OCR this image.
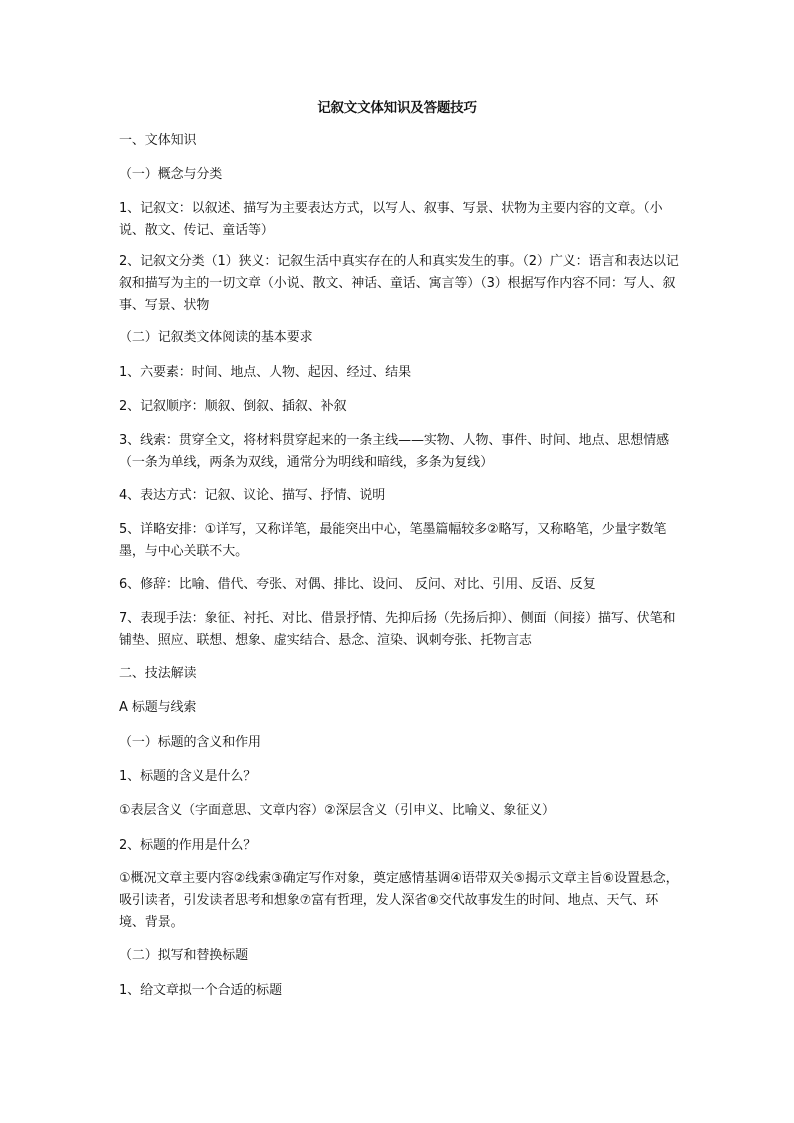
记叙文文体知识及答题技巧
一、文体知识
（一）概念与分类
1、记叙文：以叙述、描写为主要表达方式，以写人、叙事、写景、状物为主要内容的文章。（小说、散文、传记、童话等）
2、记叙文分类（1）狭义：记叙生活中真实存在的人和真实发生的事。（2）广义：语言和表达以记叙和描写为主的一切文章（小说、散文、神话、童话、寓言等）（3）根据写作内容不同：写人、叙事、写景、状物
（二）记叙类文体阅读的基本要求
1、六要素：时间、地点、人物、起因、经过、结果
2、记叙顺序：顺叙、倒叙、插叙、补叙
3、线索：贯穿全文，将材料贯穿起来的一条主线——实物、人物、事件、时间、地点、思想情感（一条为单线，两条为双线，通常分为明线和暗线，多条为复线）
4、表达方式：记叙、议论、描写、抒情、说明
5、详略安排：①详写，又称详笔，最能突出中心，笔墨篇幅较多②略写，又称略笔，少量字数笔墨，与中心关联不大。
6、修辞：比喻、借代、夸张、对偶、排比、设问、 反问、对比、引用、反语、反复
7、表现手法：象征、衬托、对比、借景抒情、先抑后扬（先扬后抑）、侧面（间接）描写、伏笔和铺垫、照应、联想、想象、虚实结合、悬念、渲染、讽刺夸张、托物言志
二、技法解读
A 标题与线索
（一）标题的含义和作用
1、标题的含义是什么？
①表层含义（字面意思、文章内容）②深层含义（引申义、比喻义、象征义）
2、标题的作用是什么？
①概况文章主要内容②线索③确定写作对象，奠定感情基调④语带双关⑤揭示文章主旨⑥设置悬念，吸引读者，引发读者思考和想象⑦富有哲理，发人深省⑧交代故事发生的时间、地点、天气、环境、背景。
（二）拟写和替换标题
1、给文章拟一个合适的标题
